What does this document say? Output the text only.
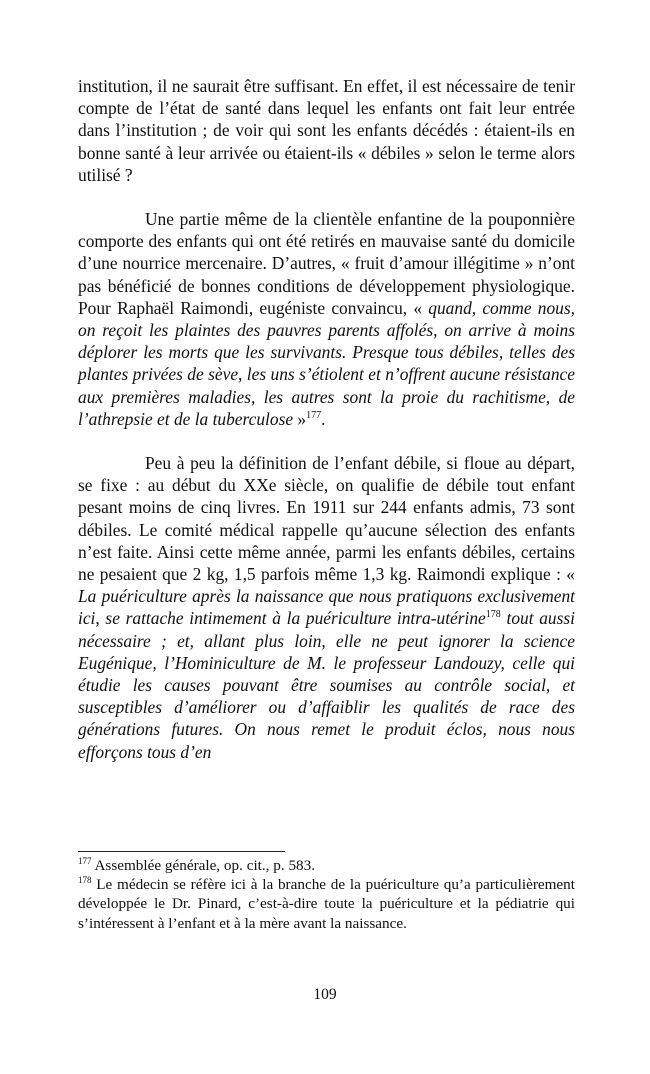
institution, il ne saurait être suffisant. En effet, il est nécessaire de tenir compte de l’état de santé dans lequel les enfants ont fait leur entrée dans l’institution ; de voir qui sont les enfants décédés : étaient-ils en bonne santé à leur arrivée ou étaient-ils « débiles » selon le terme alors utilisé ?

Une partie même de la clientèle enfantine de la pouponnière comporte des enfants qui ont été retirés en mauvaise santé du domicile d’une nourrice mercenaire. D’autres, « fruit d’amour illégitime » n’ont pas bénéficié de bonnes conditions de développement physiologique. Pour Raphaël Raimondi, eugéniste convaincu, « quand, comme nous, on reçoit les plaintes des pauvres parents affolés, on arrive à moins déplorer les morts que les survivants. Presque tous débiles, telles des plantes privées de sève, les uns s’étiolent et n’offrent aucune résistance aux premières maladies, les autres sont la proie du rachitisme, de l’athrepsie et de la tuberculose »$^{177}$.

Peu à peu la définition de l’enfant débile, si floue au départ, se fixe : au début du XXe siècle, on qualifie de débile tout enfant pesant moins de cinq livres. En 1911 sur 244 enfants admis, 73 sont débiles. Le comité médical rappelle qu’aucune sélection des enfants n’est faite. Ainsi cette même année, parmi les enfants débiles, certains ne pesaient que 2 kg, 1,5 parfois même 1,3 kg. Raimondi explique : « La puériculture après la naissance que nous pratiquons exclusivement ici, se rattache intimement à la puériculture intra-utérine$^{178}$ tout aussi nécessaire ; et, allant plus loin, elle ne peut ignorer la science Eugénique, l’Hominiculture de M. le professeur Landouzy, celle qui étudie les causes pouvant être soumises au contrôle social, et susceptibles d’améliorer ou d’affaiblir les qualités de race des générations futures. On nous remet le produit éclos, nous nous efforçons tous d’en

$^{177}$ Assemblée générale, op. cit., p. 583.

$^{178}$ Le médecin se réfère ici à la branche de la puériculture qu’a particulièrement développée le Dr. Pinard, c’est-à-dire toute la puériculture et la pédiatrie qui s’intéressent à l’enfant et à la mère avant la naissance.

109
